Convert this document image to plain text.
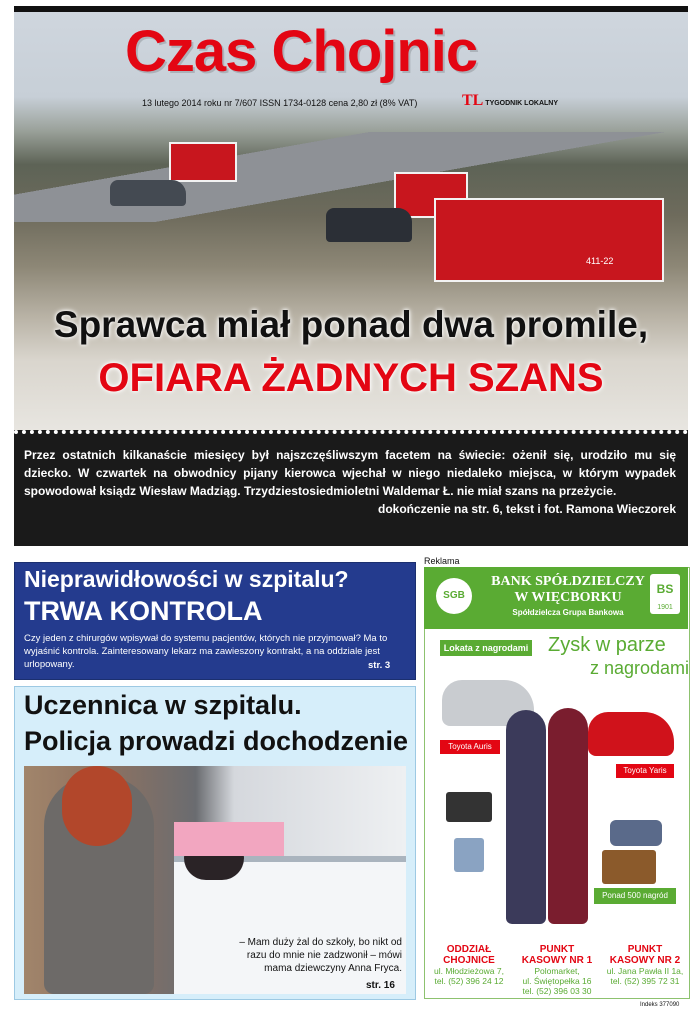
411-22
Czas Chojnic
13 lutego 2014 roku nr 7/607 ISSN 1734-0128 cena 2,80 zł (8% VAT)	TL TYGODNIK LOKALNY
Sprawca miał ponad dwa promile,
OFIARA ŻADNYCH SZANS
Przez ostatnich kilkanaście miesięcy był najszczęśliwszym facetem na świecie: ożenił się, urodziło mu się dziecko. W czwartek na obwodnicy pijany kierowca wjechał w niego niedaleko miejsca, w którym wypadek spowodował ksiądz Wiesław Madziąg. Trzydziestosiedmioletni Waldemar Ł. nie miał szans na przeżycie.
dokończenie na str. 6, tekst i fot. Ramona Wieczorek
Nieprawidłowości w szpitalu?
TRWA KONTROLA
Czy jeden z chirurgów wpisywał do systemu pacjentów, których nie przyjmował? Ma to wyjaśnić kontrola. Zainteresowany lekarz ma zawieszony kontrakt, a na oddziale jest urlopowany.	str. 3
Uczennica w szpitalu.
Policja prowadzi dochodzenie
– Mam duży żal do szkoły, bo nikt od razu do mnie nie zadzwonił – mówi mama dziewczyny Anna Fryca.
str. 16
Reklama
SGB
BANK SPÓŁDZIELCZY
W WIĘCBORKU
Spółdzielcza Grupa Bankowa
BS
1901
Lokata z nagrodami Zysk w parze
z nagrodami
Toyota Auris
Toyota Yaris
Ponad 500 nagród
ODDZIAŁ
CHOJNICE
ul. Młodzieżowa 7,
tel. (52) 396 24 12
PUNKT
KASOWY NR 1
Polomarket,
ul. Świętopełka 16
tel. (52) 396 03 30
PUNKT
KASOWY NR 2
ul. Jana Pawła II 1a,
tel. (52) 395 72 31
Indeks 377090
